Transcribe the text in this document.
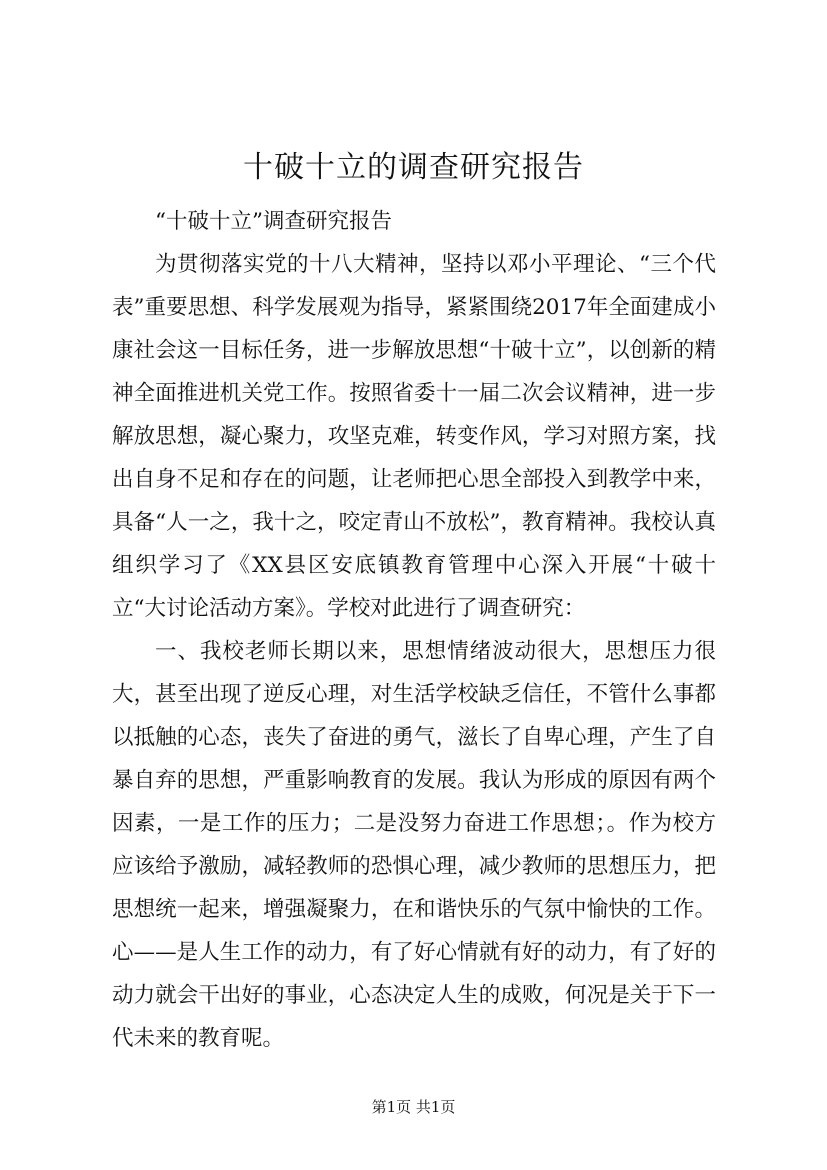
十破十立的调查研究报告

“十破十立”调查研究报告

为贯彻落实党的十八大精神，坚持以邓小平理论、“三个代表”重要思想、科学发展观为指导，紧紧围绕2017年全面建成小康社会这一目标任务，进一步解放思想“十破十立”，以创新的精神全面推进机关党工作。按照省委十一届二次会议精神，进一步解放思想，凝心聚力，攻坚克难，转变作风，学习对照方案，找出自身不足和存在的问题，让老师把心思全部投入到教学中来，具备“人一之，我十之，咬定青山不放松”，教育精神。我校认真组织学习了《XX县区安底镇教育管理中心深入开展“十破十立“大讨论活动方案》。学校对此进行了调查研究：

一、我校老师长期以来，思想情绪波动很大，思想压力很大，甚至出现了逆反心理，对生活学校缺乏信任，不管什么事都以抵触的心态，丧失了奋进的勇气，滋长了自卑心理，产生了自暴自弃的思想，严重影响教育的发展。我认为形成的原因有两个因素，一是工作的压力；二是没努力奋进工作思想；。作为校方应该给予激励，减轻教师的恐惧心理，减少教师的思想压力，把思想统一起来，增强凝聚力，在和谐快乐的气氛中愉快的工作。心——是人生工作的动力，有了好心情就有好的动力，有了好的动力就会干出好的事业，心态决定人生的成败，何况是关于下一代未来的教育呢。

第1页 共1页
